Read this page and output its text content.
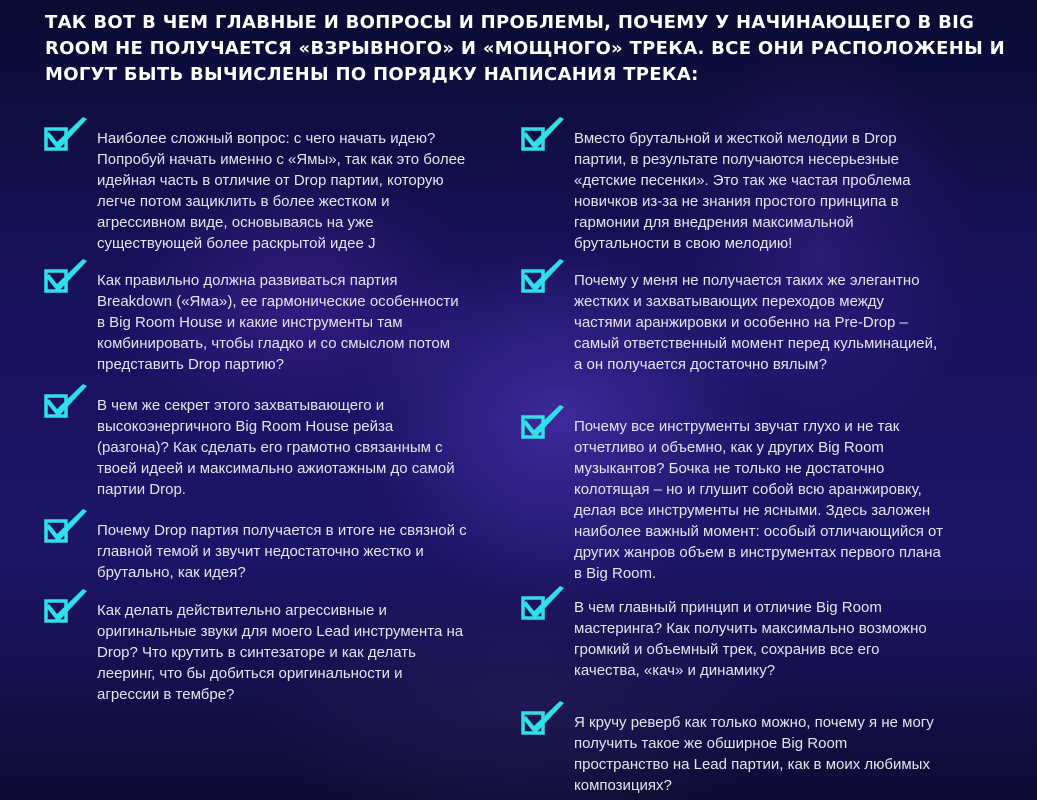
ТАК ВОТ В ЧЕМ ГЛАВНЫЕ И ВОПРОСЫ И ПРОБЛЕМЫ, ПОЧЕМУ У НАЧИНАЮЩЕГО В BIG ROOM НЕ ПОЛУЧАЕТСЯ «ВЗРЫВНОГО» И «МОЩНОГО» ТРЕКА. ВСЕ ОНИ РАСПОЛОЖЕНЫ И МОГУТ БЫТЬ ВЫЧИСЛЕНЫ ПО ПОРЯДКУ НАПИСАНИЯ ТРЕКА:

Наиболее сложный вопрос: с чего начать идею? Попробуй начать именно с «Ямы», так как это более идейная часть в отличие от Drop партии, которую легче потом зациклить в более жестком и агрессивном виде, основываясь на уже существующей более раскрытой идее J

Как правильно должна развиваться партия Breakdown («Яма»), ее гармонические особенности в Big Room House и какие инструменты там комбинировать, чтобы гладко и со смыслом потом представить Drop партию?

В чем же секрет этого захватывающего и высокоэнергичного Big Room House рейза (разгона)? Как сделать его грамотно связанным с твоей идеей и максимально ажиотажным до самой партии Drop.

Почему Drop партия получается в итоге не связной с главной темой и звучит недостаточно жестко и брутально, как идея?

Как делать действительно агрессивные и оригинальные звуки для моего Lead инструмента на Drop? Что крутить в синтезаторе и как делать лееринг, что бы добиться оригинальности и агрессии в тембре?

Вместо брутальной и жесткой мелодии в Drop партии, в результате получаются несерьезные «детские песенки». Это так же частая проблема новичков из-за не знания простого принципа в гармонии для внедрения максимальной брутальности в свою мелодию!

Почему у меня не получается таких же элегантно жестких и захватывающих переходов между частями аранжировки и особенно на Pre-Drop – самый ответственный момент перед кульминацией, а он получается достаточно вялым?

Почему все инструменты звучат глухо и не так отчетливо и объемно, как у других Big Room музыкантов? Бочка не только не достаточно колотящая – но и глушит собой всю аранжировку, делая все инструменты не ясными. Здесь заложен наиболее важный момент: особый отличающийся от других жанров объем в инструментах первого плана в Big Room.

В чем главный принцип и отличие Big Room мастеринга? Как получить максимально возможно громкий и объемный трек, сохранив все его качества, «кач» и динамику?

Я кручу реверб как только можно, почему я не могу получить такое же обширное Big Room пространство на Lead партии, как в моих любимых композициях?
